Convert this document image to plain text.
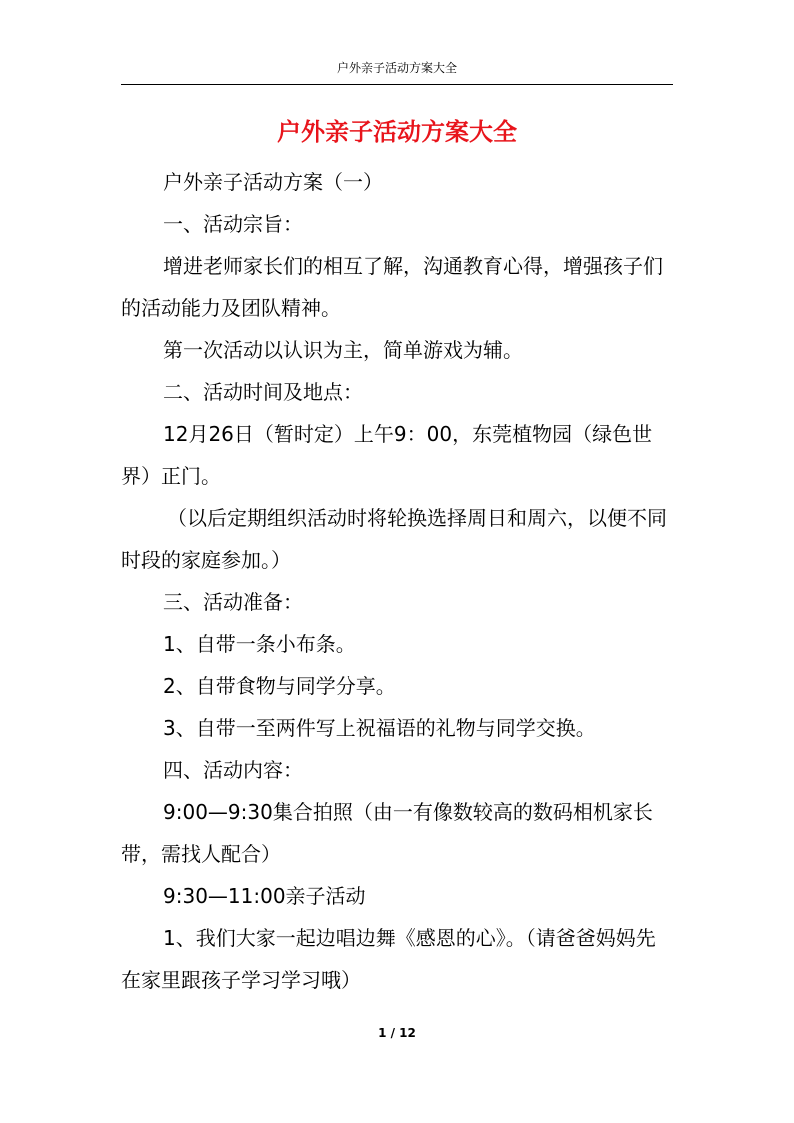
户外亲子活动方案大全
户外亲子活动方案大全

户外亲子活动方案（一）

一、活动宗旨：

增进老师家长们的相互了解，沟通教育心得，增强孩子们的活动能力及团队精神。

第一次活动以认识为主，简单游戏为辅。

二、活动时间及地点：

12月26日（暂时定）上午9：00，东莞植物园（绿色世界）正门。

（以后定期组织活动时将轮换选择周日和周六，以便不同时段的家庭参加。）

三、活动准备：

1、自带一条小布条。

2、自带食物与同学分享。

3、自带一至两件写上祝福语的礼物与同学交换。

四、活动内容：

9:00—9:30集合拍照（由一有像数较高的数码相机家长带，需找人配合）

9:30—11:00亲子活动

1、我们大家一起边唱边舞《感恩的心》。（请爸爸妈妈先在家里跟孩子学习学习哦）

1 / 12
